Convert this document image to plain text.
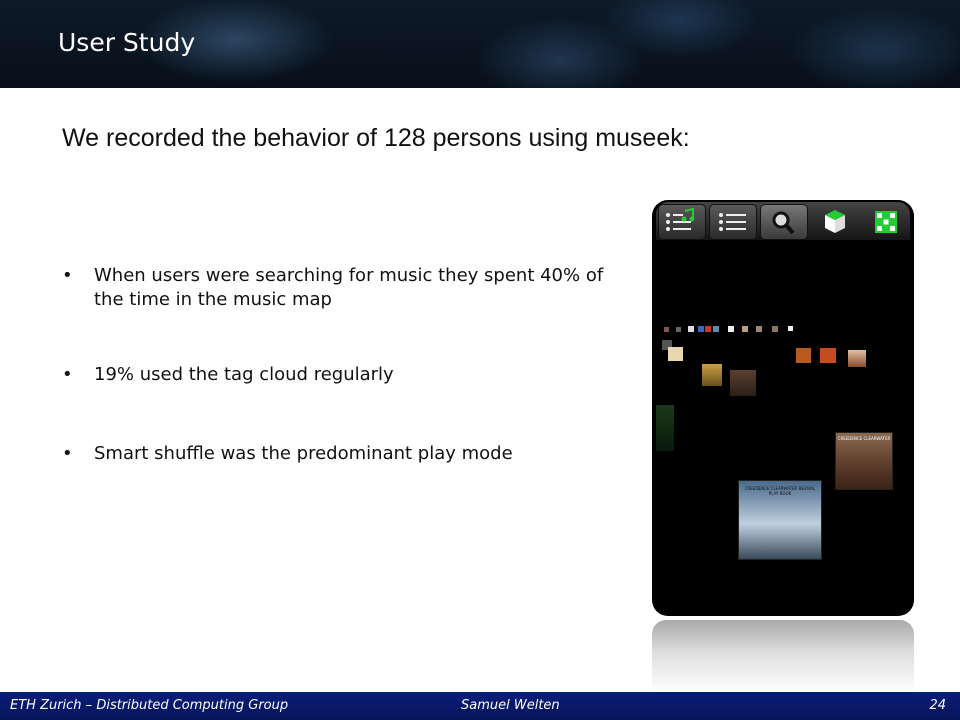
User Study
We recorded the behavior of 128 persons using museek:
• When users were searching for music they spent 40% of the time in the music map
• 19% used the tag cloud regularly
• Smart shuffle was the predominant play mode
CREEDENCE CLEARWATER
CREEDENCE CLEARWATER REVIVAL
PLAY BOOK
ETH Zurich – Distributed Computing Group	Samuel Welten	24
